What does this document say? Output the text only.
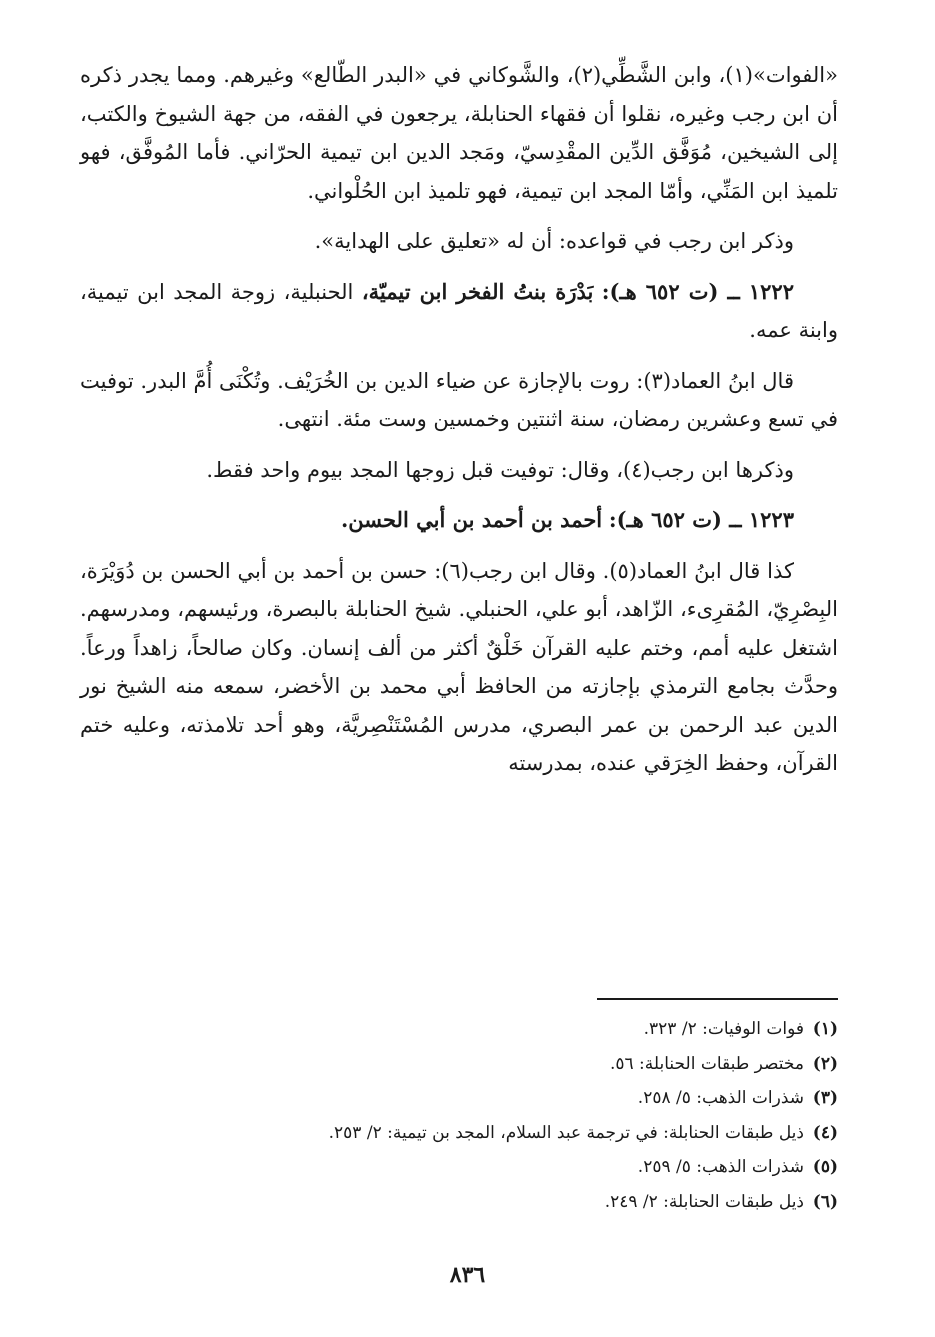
«الفوات»(١)، وابن الشَّطِّي(٢)، والشَّوكاني في «البدر الطّالع» وغيرهم. ومما يجدر ذكره أن ابن رجب وغيره، نقلوا أن فقهاء الحنابلة، يرجعون في الفقه، من جهة الشيوخ والكتب، إلى الشيخين، مُوَفَّق الدِّين المقْدِسيّ، ومَجد الدين ابن تيمية الحرّاني. فأما المُوفَّق، فهو تلميذ ابن المَنِّي، وأمّا المجد ابن تيمية، فهو تلميذ ابن الحُلْواني.

وذكر ابن رجب في قواعده: أن له «تعليق على الهداية».

١٢٢٢ ــ (ت ٦٥٢ هـ): بَدْرَة بنتُ الفخر ابن تيميّة، الحنبلية، زوجة المجد ابن تيمية، وابنة عمه.

قال ابنُ العماد(٣): روت بالإجازة عن ضياء الدين بن الخُرَيْف. وتُكْنَى أُمَّ البدر. توفيت في تسع وعشرين رمضان، سنة اثنتين وخمسين وست مئة. انتهى.

وذكرها ابن رجب(٤)، وقال: توفيت قبل زوجها المجد بيوم واحد فقط.

١٢٢٣ ــ (ت ٦٥٢ هـ): أحمد بن أحمد بن أبي الحسن.

كذا قال ابنُ العماد(٥). وقال ابن رجب(٦): حسن بن أحمد بن أبي الحسن بن دُوَيْرَة، البِصْرِيّ، المُقرِىء، الزّاهد، أبو علي، الحنبلي. شيخ الحنابلة بالبصرة، ورئيسهم، ومدرسهم. اشتغل عليه أمم، وختم عليه القرآن خَلْقٌ أكثر من ألف إنسان. وكان صالحاً، زاهداً ورعاً. وحدَّث بجامع الترمذي بإجازته من الحافظ أبي محمد بن الأخضر، سمعه منه الشيخ نور الدين عبد الرحمن بن عمر البصري، مدرس المُسْتَنْصِريَّة، وهو أحد تلامذته، وعليه ختم القرآن، وحفظ الخِرَقي عنده، بمدرسته

(١)فوات الوفيات: ٢/ ٣٢٣.

(٢)مختصر طبقات الحنابلة: ٥٦.

(٣)شذرات الذهب: ٥/ ٢٥٨.

(٤)ذيل طبقات الحنابلة: في ترجمة عبد السلام، المجد بن تيمية: ٢/ ٢٥٣.

(٥)شذرات الذهب: ٥/ ٢٥٩.

(٦)ذيل طبقات الحنابلة: ٢/ ٢٤٩.

٨٣٦
